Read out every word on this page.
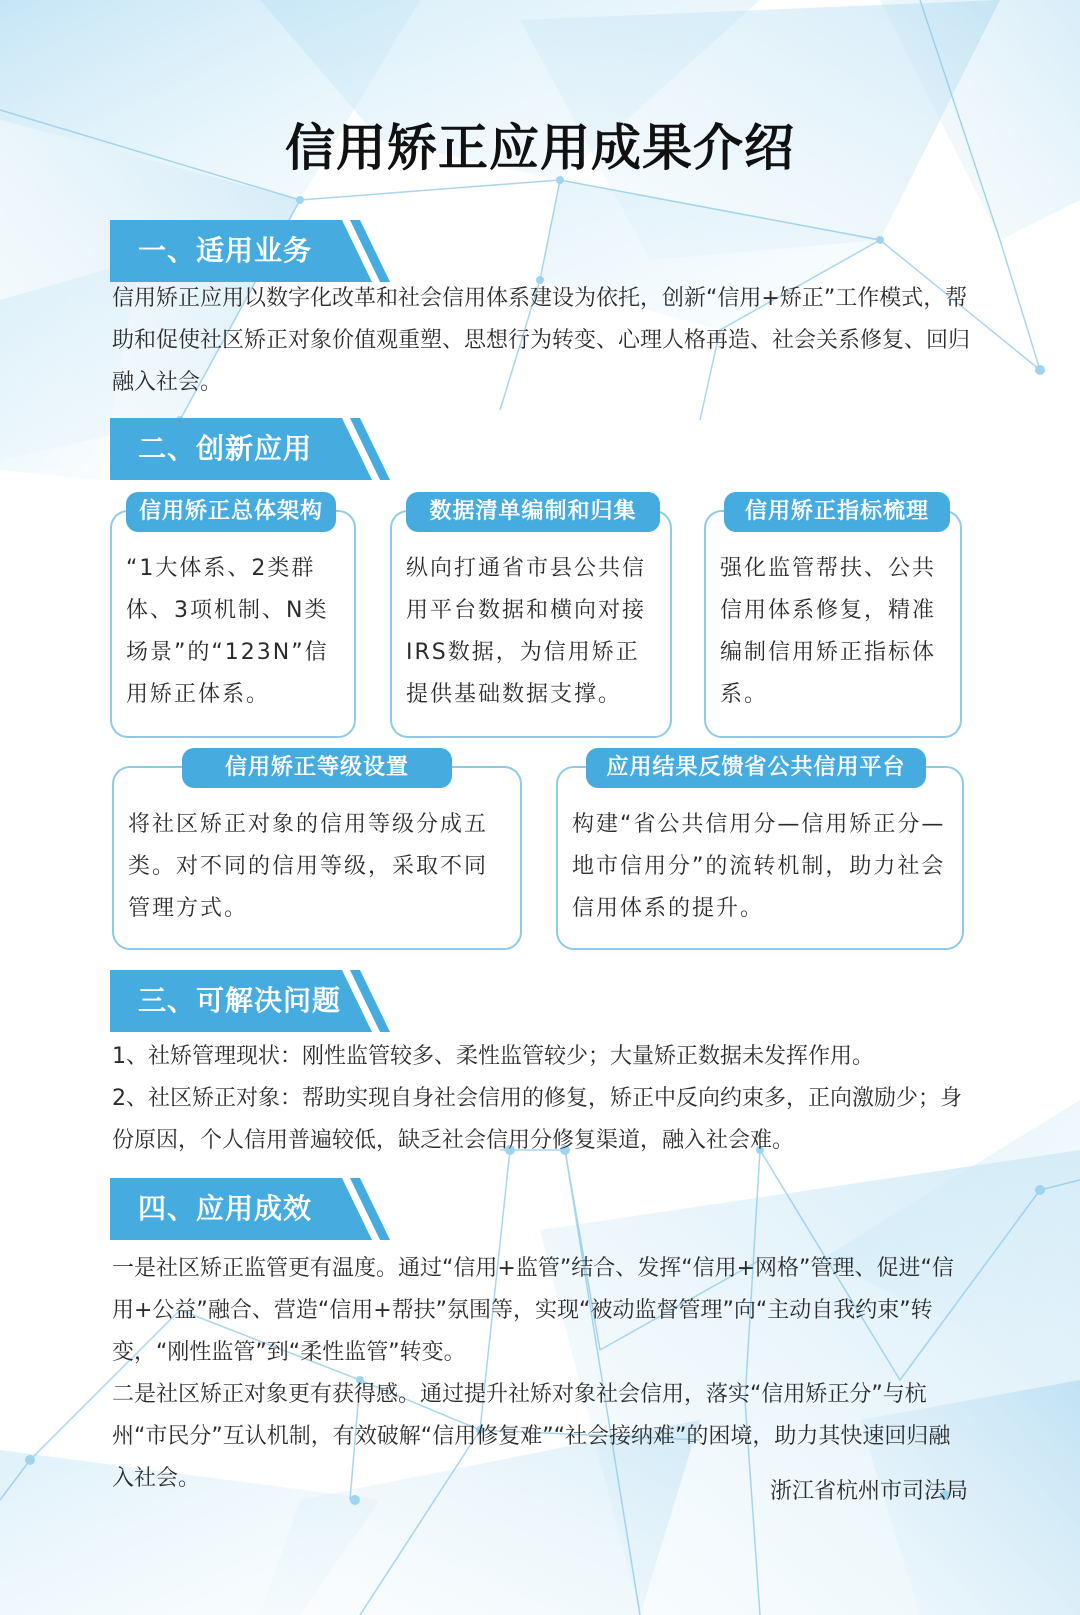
信用矫正应用成果介绍
一、适用业务

信用矫正应用以数字化改革和社会信用体系建设为依托，创新“信用+矫正”工作模式，帮助和促使社区矫正对象价值观重塑、思想行为转变、心理人格再造、社会关系修复、回归融入社会。

二、创新应用
信用矫正总体架构
“1大体系、2类群体、3项机制、N类场景”的“123N”信用矫正体系。
数据清单编制和归集
纵向打通省市县公共信用平台数据和横向对接IRS数据，为信用矫正提供基础数据支撑。
信用矫正指标梳理
强化监管帮扶、公共信用体系修复，精准编制信用矫正指标体系。
信用矫正等级设置
将社区矫正对象的信用等级分成五类。对不同的信用等级，采取不同管理方式。
应用结果反馈省公共信用平台
构建“省公共信用分—信用矫正分—地市信用分”的流转机制，助力社会信用体系的提升。
三、可解决问题

1、社矫管理现状：刚性监管较多、柔性监管较少；大量矫正数据未发挥作用。

2、社区矫正对象：帮助实现自身社会信用的修复，矫正中反向约束多，正向激励少；身份原因，个人信用普遍较低，缺乏社会信用分修复渠道，融入社会难。

四、应用成效

一是社区矫正监管更有温度。通过“信用+监管”结合、发挥“信用+网格”管理、促进“信用+公益”融合、营造“信用+帮扶”氛围等，实现“被动监督管理”向“主动自我约束”转变，“刚性监管”到“柔性监管”转变。

二是社区矫正对象更有获得感。通过提升社矫对象社会信用，落实“信用矫正分”与杭州“市民分”互认机制，有效破解“信用修复难”“社会接纳难”的困境，助力其快速回归融入社会。

浙江省杭州市司法局
